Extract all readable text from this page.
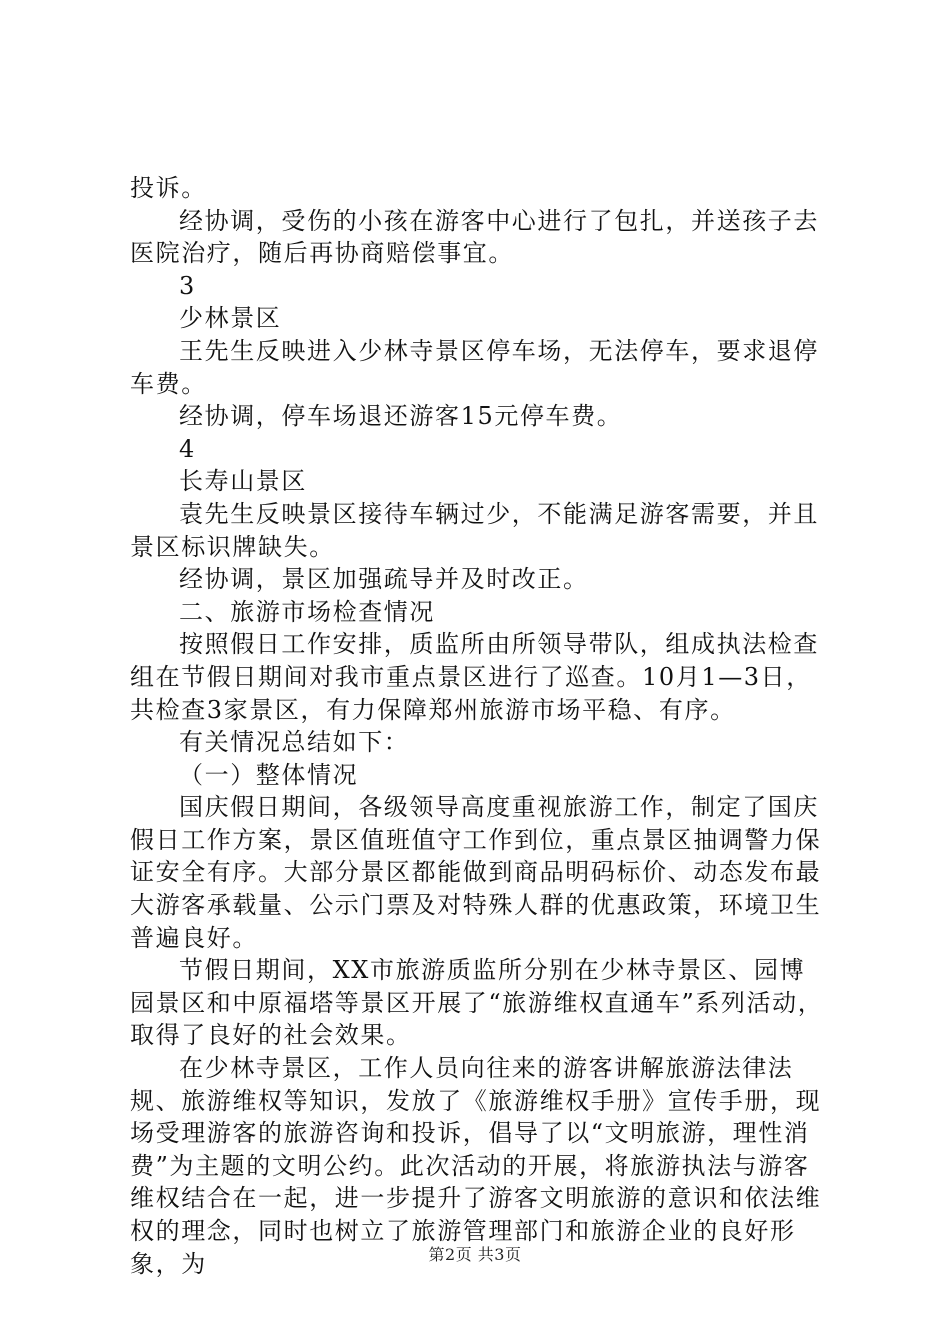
投诉。

经协调，受伤的小孩在游客中心进行了包扎，并送孩子去医院治疗，随后再协商赔偿事宜。

3

少林景区

王先生反映进入少林寺景区停车场，无法停车，要求退停车费。

经协调，停车场退还游客15元停车费。

4

长寿山景区

袁先生反映景区接待车辆过少，不能满足游客需要，并且景区标识牌缺失。

经协调，景区加强疏导并及时改正。

二、旅游市场检查情况

按照假日工作安排，质监所由所领导带队，组成执法检查组在节假日期间对我市重点景区进行了巡查。10月1—3日，共检查3家景区，有力保障郑州旅游市场平稳、有序。

有关情况总结如下：

（一）整体情况

国庆假日期间，各级领导高度重视旅游工作，制定了国庆假日工作方案，景区值班值守工作到位，重点景区抽调警力保证安全有序。大部分景区都能做到商品明码标价、动态发布最大游客承载量、公示门票及对特殊人群的优惠政策，环境卫生普遍良好。

节假日期间，XX市旅游质监所分别在少林寺景区、园博园景区和中原福塔等景区开展了“旅游维权直通车”系列活动，取得了良好的社会效果。

在少林寺景区，工作人员向往来的游客讲解旅游法律法规、旅游维权等知识，发放了《旅游维权手册》宣传手册，现场受理游客的旅游咨询和投诉，倡导了以“文明旅游，理性消费”为主题的文明公约。此次活动的开展，将旅游执法与游客维权结合在一起，进一步提升了游客文明旅游的意识和依法维权的理念，同时也树立了旅游管理部门和旅游企业的良好形象，为	第2页 共3页
